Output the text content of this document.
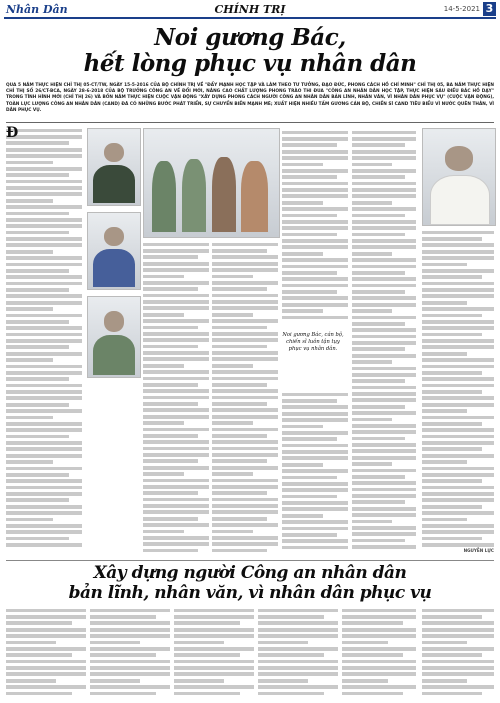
Nhân Dân	CHÍNH TRỊ	14-5-2021 3
Noi gương Bác,
hết lòng phục vụ nhân dân
QUA 5 NĂM THỰC HIỆN CHỈ THỊ 05-CT/TW, NGÀY 15-5-2016 CỦA BỘ CHÍNH TRỊ VỀ "ĐẨY MẠNH HỌC TẬP VÀ LÀM THEO TƯ TƯỞNG, ĐẠO ĐỨC, PHONG CÁCH HỒ CHÍ MINH" CHỈ THỊ 05, BA NĂM THỰC HIỆN CHỈ THỊ SỐ 26/CT-BCA, NGÀY 28-6-2018 CỦA BỘ TRƯỞNG CÔNG AN VỀ ĐỔI MỚI, NÂNG CAO CHẤT LƯỢNG PHONG TRÀO THI ĐUA "CÔNG AN NHÂN DÂN HỌC TẬP, THỰC HIỆN SÁU ĐIỀU BÁC HỒ DẠY" TRONG TÌNH HÌNH MỚI (CHỈ THỊ 26) VÀ BỐN NĂM THỰC HIỆN CUỘC VẬN ĐỘNG "XÂY DỰNG PHONG CÁCH NGƯỜI CÔNG AN NHÂN DÂN BẢN LĨNH, NHÂN VĂN, VÌ NHÂN DÂN PHỤC VỤ" (CUỘC VẬN ĐỘNG), TOÀN LỰC LƯỢNG CÔNG AN NHÂN DÂN (CAND) ĐÃ CÓ NHỮNG BƯỚC PHÁT TRIỂN, SỰ CHUYỂN BIẾN MẠNH MẼ; XUẤT HIỆN NHIỀU TẤM GƯƠNG CÁN BỘ, CHIẾN SĨ CAND TIÊU BIỂU VÌ NƯỚC QUÊN THÂN, VÌ DÂN PHỤC VỤ.
Đ
Noi gương Bác, cán bộ, chiến sĩ luôn tận tụy phục vụ nhân dân.
NGUYỄN LỰC
Xây dựng người Công an nhân dân
bản lĩnh, nhân văn, vì nhân dân phục vụ
